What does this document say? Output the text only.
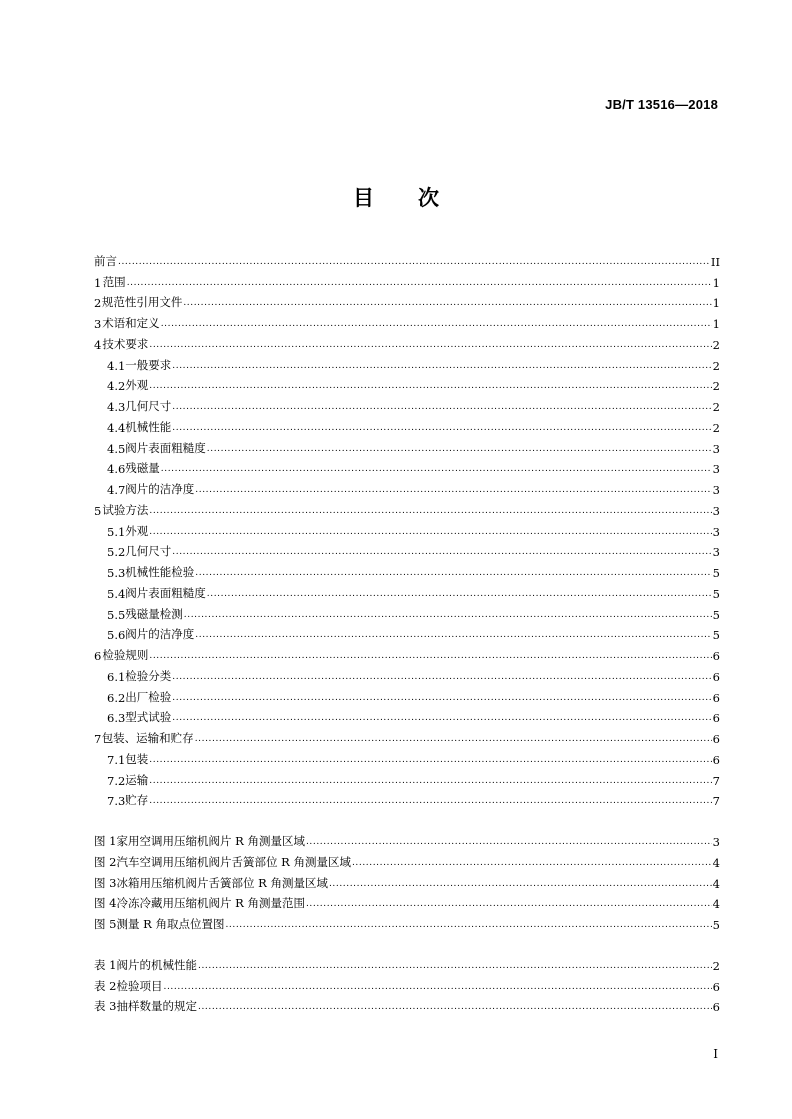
JB/T 13516—2018
目 次
前言 .....	II
1 范围 .....	1
2 规范性引用文件 .....	1
3 术语和定义 .....	1
4 技术要求 .....	2
4.1 一般要求 .....	2
4.2 外观 .....	2
4.3 几何尺寸 .....	2
4.4 机械性能 .....	2
4.5 阀片表面粗糙度 .....	3
4.6 残磁量 .....	3
4.7 阀片的洁净度 .....	3
5 试验方法 .....	3
5.1 外观 .....	3
5.2 几何尺寸 .....	3
5.3 机械性能检验 .....	5
5.4 阀片表面粗糙度 .....	5
5.5 残磁量检测 .....	5
5.6 阀片的洁净度 .....	5
6 检验规则 .....	6
6.1 检验分类 .....	6
6.2 出厂检验 .....	6
6.3 型式试验 .....	6
7 包装、运输和贮存 .....	6
7.1 包装 .....	6
7.2 运输 .....	7
7.3 贮存 .....	7
图 1 家用空调用压缩机阀片 R 角测量区域 .....	3
图 2 汽车空调用压缩机阀片舌簧部位 R 角测量区域 .....	4
图 3 冰箱用压缩机阀片舌簧部位 R 角测量区域 .....	4
图 4 冷冻冷藏用压缩机阀片 R 角测量范围 .....	4
图 5 测量 R 角取点位置图 .....	5
表 1 阀片的机械性能 .....	2
表 2 检验项目 .....	6
表 3 抽样数量的规定 .....	6
I
